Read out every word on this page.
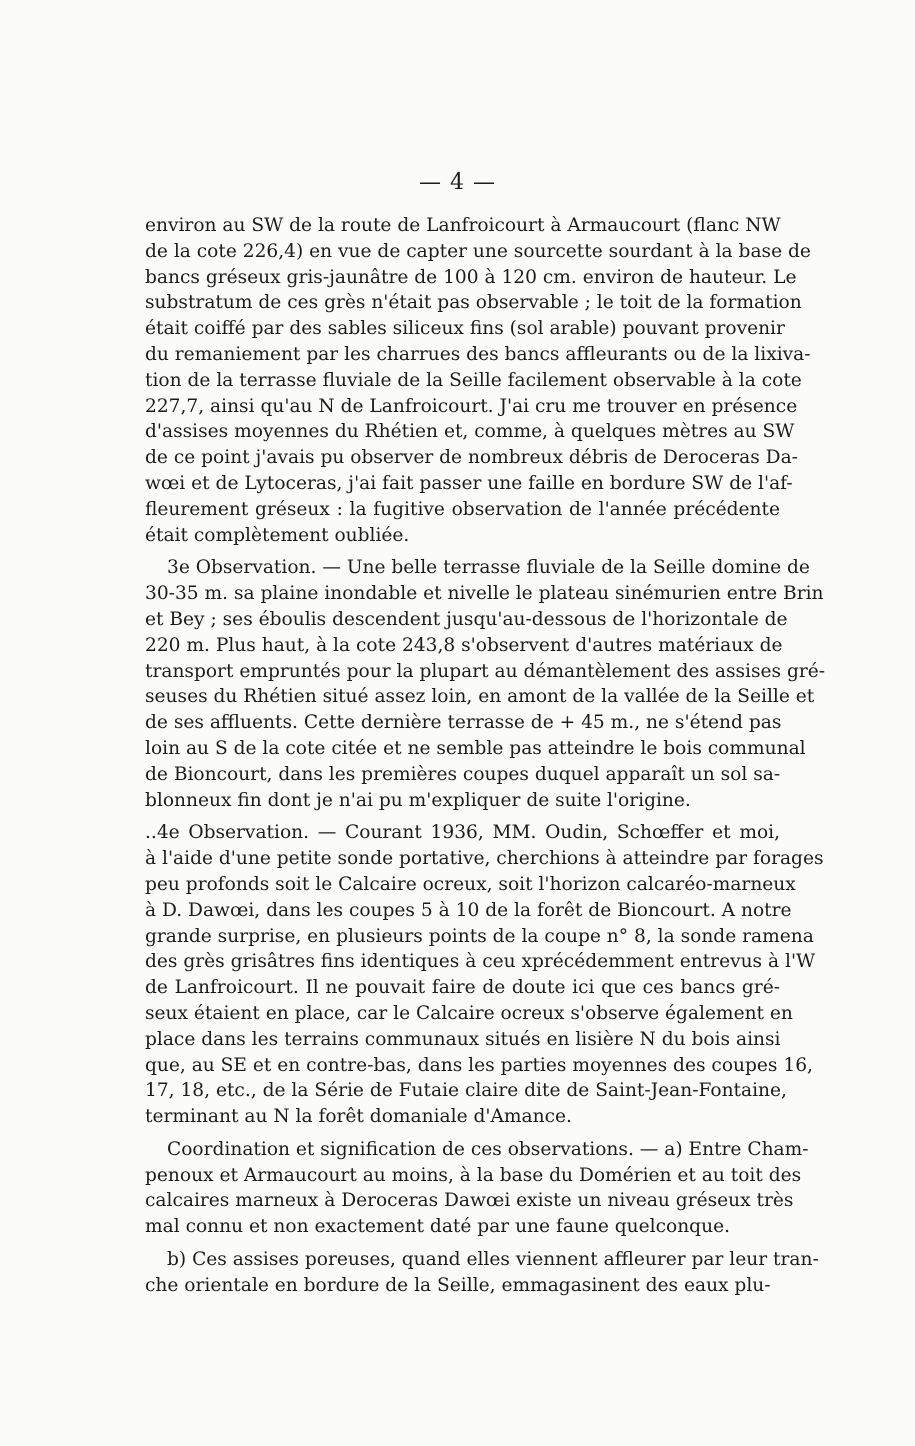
— 4 —
environ au SW de la route de Lanfroicourt à Armaucourt (flanc NW
de la cote 226,4) en vue de capter une sourcette sourdant à la base de
bancs gréseux gris-jaunâtre de 100 à 120 cm. environ de hauteur. Le
substratum de ces grès n'était pas observable ; le toit de la formation
était coiffé par des sables siliceux fins (sol arable) pouvant provenir
du remaniement par les charrues des bancs affleurants ou de la lixiva-
tion de la terrasse fluviale de la Seille facilement observable à la cote
227,7, ainsi qu'au N de Lanfroicourt. J'ai cru me trouver en présence
d'assises moyennes du Rhétien et, comme, à quelques mètres au SW
de ce point j'avais pu observer de nombreux débris de Deroceras Da-
wœi et de Lytoceras, j'ai fait passer une faille en bordure SW de l'af-
fleurement gréseux : la fugitive observation de l'année précédente
était complètement oubliée.
3e Observation. — Une belle terrasse fluviale de la Seille domine de
30-35 m. sa plaine inondable et nivelle le plateau sinémurien entre Brin
et Bey ; ses éboulis descendent jusqu'au-dessous de l'horizontale de
220 m. Plus haut, à la cote 243,8 s'observent d'autres matériaux de
transport empruntés pour la plupart au démantèlement des assises gré-
seuses du Rhétien situé assez loin, en amont de la vallée de la Seille et
de ses affluents. Cette dernière terrasse de + 45 m., ne s'étend pas
loin au S de la cote citée et ne semble pas atteindre le bois communal
de Bioncourt, dans les premières coupes duquel apparaît un sol sa-
blonneux fin dont je n'ai pu m'expliquer de suite l'origine.
..4e Observation. — Courant 1936, MM. Oudin, Schœffer et moi,
à l'aide d'une petite sonde portative, cherchions à atteindre par forages
peu profonds soit le Calcaire ocreux, soit l'horizon calcaréo-marneux
à D. Dawœi, dans les coupes 5 à 10 de la forêt de Bioncourt. A notre
grande surprise, en plusieurs points de la coupe n° 8, la sonde ramena
des grès grisâtres fins identiques à ceu xprécédemment entrevus à l'W
de Lanfroicourt. Il ne pouvait faire de doute ici que ces bancs gré-
seux étaient en place, car le Calcaire ocreux s'observe également en
place dans les terrains communaux situés en lisière N du bois ainsi
que, au SE et en contre-bas, dans les parties moyennes des coupes 16,
17, 18, etc., de la Série de Futaie claire dite de Saint-Jean-Fontaine,
terminant au N la forêt domaniale d'Amance.
Coordination et signification de ces observations. — a) Entre Cham-
penoux et Armaucourt au moins, à la base du Domérien et au toit des
calcaires marneux à Deroceras Dawœi existe un niveau gréseux très
mal connu et non exactement daté par une faune quelconque.
b) Ces assises poreuses, quand elles viennent affleurer par leur tran-
che orientale en bordure de la Seille, emmagasinent des eaux plu-
